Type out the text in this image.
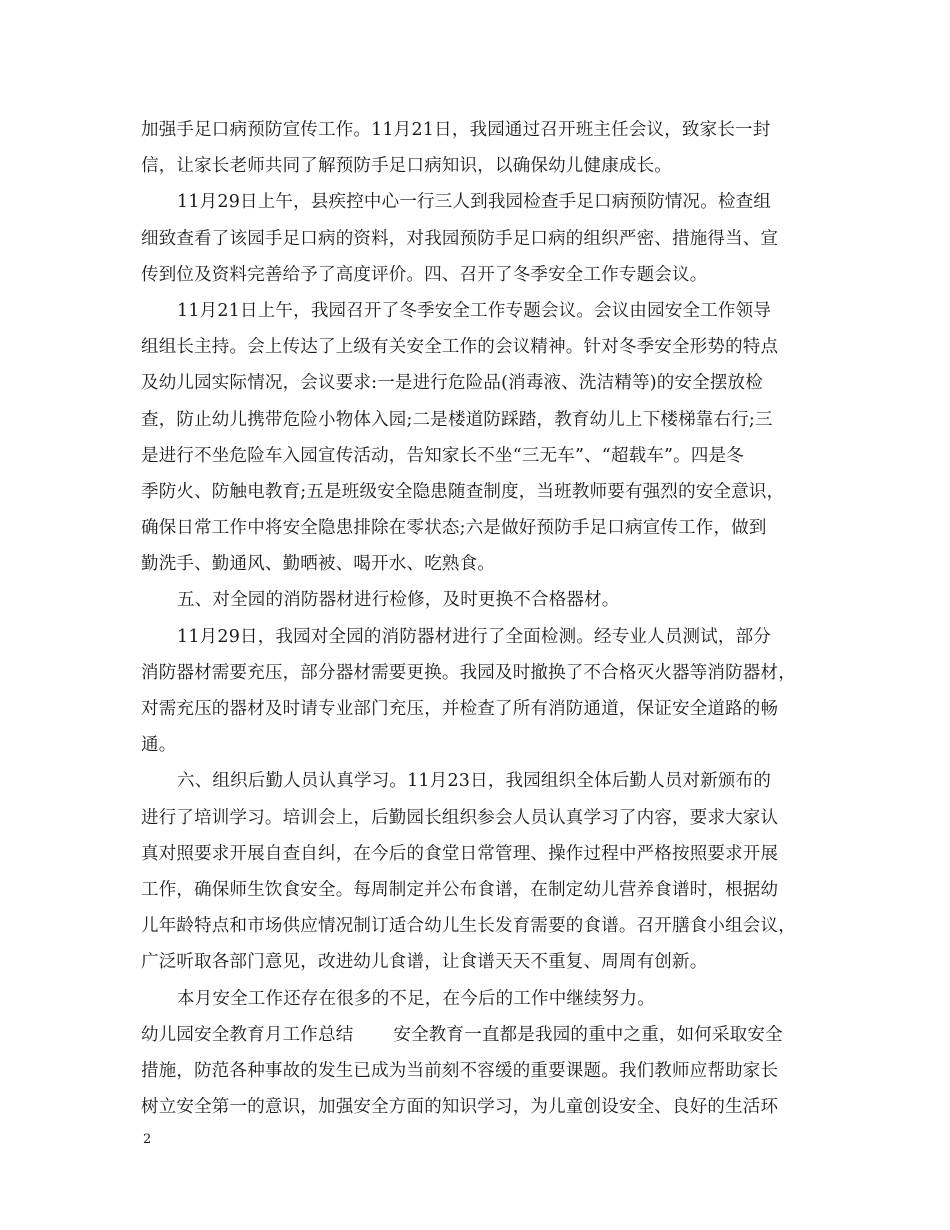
加强手足口病预防宣传工作。11月21日，我园通过召开班主任会议，致家长一封
信，让家长老师共同了解预防手足口病知识，以确保幼儿健康成长。
11月29日上午，县疾控中心一行三人到我园检查手足口病预防情况。检查组
细致查看了该园手足口病的资料，对我园预防手足口病的组织严密、措施得当、宣
传到位及资料完善给予了高度评价。四、召开了冬季安全工作专题会议。
11月21日上午，我园召开了冬季安全工作专题会议。会议由园安全工作领导
组组长主持。会上传达了上级有关安全工作的会议精神。针对冬季安全形势的特点
及幼儿园实际情况，会议要求:一是进行危险品(消毒液、洗洁精等)的安全摆放检
查，防止幼儿携带危险小物体入园;二是楼道防踩踏，教育幼儿上下楼梯靠右行;三
是进行不坐危险车入园宣传活动，告知家长不坐“三无车”、“超载车”。四是冬
季防火、防触电教育;五是班级安全隐患随查制度，当班教师要有强烈的安全意识，
确保日常工作中将安全隐患排除在零状态;六是做好预防手足口病宣传工作，做到
勤洗手、勤通风、勤晒被、喝开水、吃熟食。
五、对全园的消防器材进行检修，及时更换不合格器材。
11月29日，我园对全园的消防器材进行了全面检测。经专业人员测试，部分
消防器材需要充压，部分器材需要更换。我园及时撤换了不合格灭火器等消防器材，
对需充压的器材及时请专业部门充压，并检查了所有消防通道，保证安全道路的畅
通。
六、组织后勤人员认真学习。11月23日，我园组织全体后勤人员对新颁布的
进行了培训学习。培训会上，后勤园长组织参会人员认真学习了内容，要求大家认
真对照要求开展自查自纠，在今后的食堂日常管理、操作过程中严格按照要求开展
工作，确保师生饮食安全。每周制定并公布食谱，在制定幼儿营养食谱时，根据幼
儿年龄特点和市场供应情况制订适合幼儿生长发育需要的食谱。召开膳食小组会议，
广泛听取各部门意见，改进幼儿食谱，让食谱天天不重复、周周有创新。
本月安全工作还存在很多的不足，在今后的工作中继续努力。
幼儿园安全教育月工作总结 安全教育一直都是我园的重中之重，如何采取安全
措施，防范各种事故的发生已成为当前刻不容缓的重要课题。我们教师应帮助家长
树立安全第一的意识，加强安全方面的知识学习，为儿童创设安全、良好的生活环
2
